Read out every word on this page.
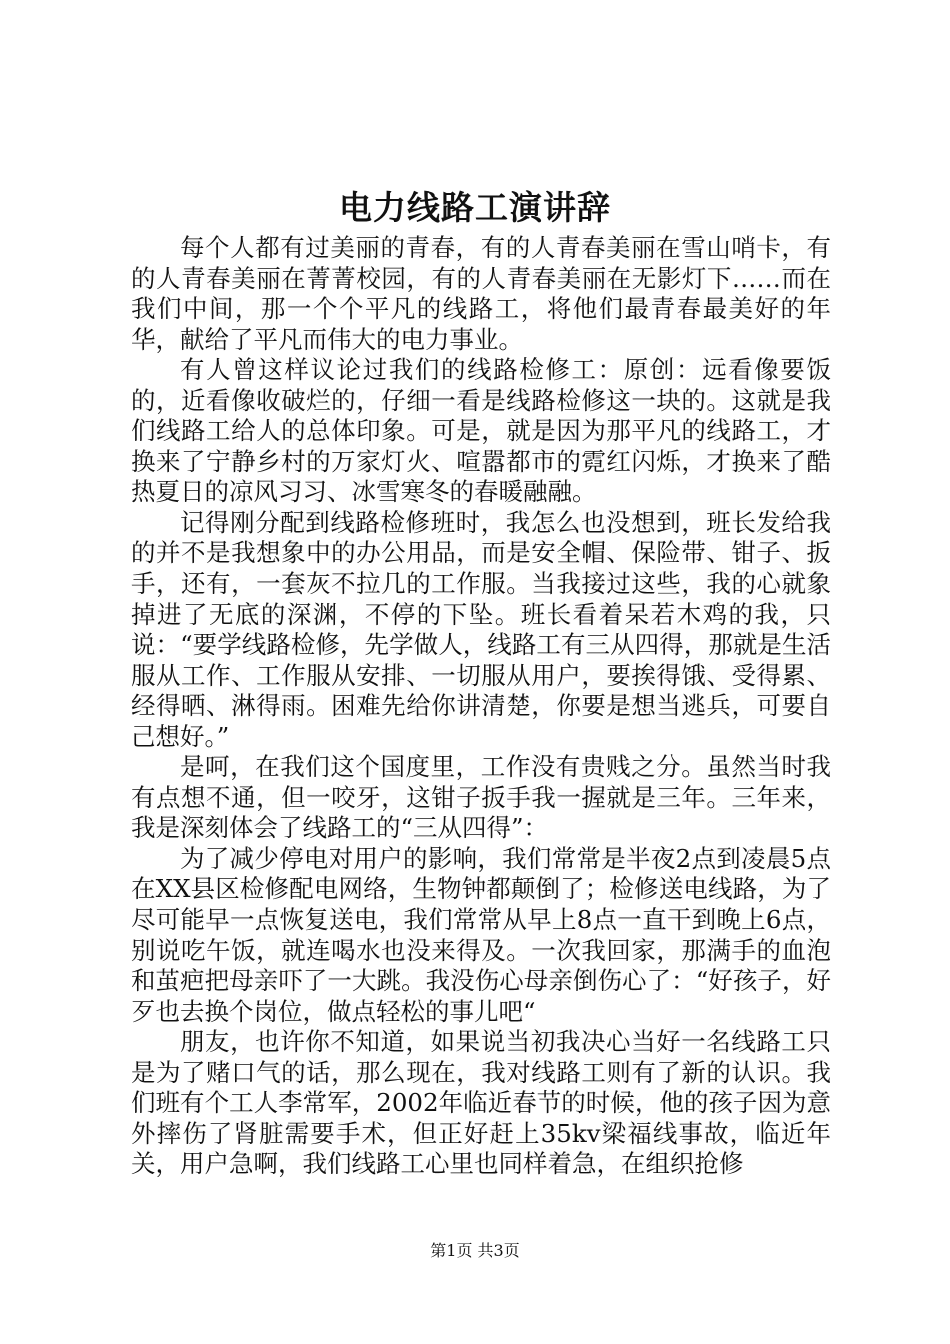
电力线路工演讲辞

每个人都有过美丽的青春，有的人青春美丽在雪山哨卡，有的人青春美丽在菁菁校园，有的人青春美丽在无影灯下……而在我们中间，那一个个平凡的线路工，将他们最青春最美好的年华，献给了平凡而伟大的电力事业。

有人曾这样议论过我们的线路检修工：原创：远看像要饭的，近看像收破烂的，仔细一看是线路检修这一块的。这就是我们线路工给人的总体印象。可是，就是因为那平凡的线路工，才换来了宁静乡村的万家灯火、喧嚣都市的霓红闪烁，才换来了酷热夏日的凉风习习、冰雪寒冬的春暖融融。

记得刚分配到线路检修班时，我怎么也没想到，班长发给我的并不是我想象中的办公用品，而是安全帽、保险带、钳子、扳手，还有，一套灰不拉几的工作服。当我接过这些，我的心就象掉进了无底的深渊，不停的下坠。班长看着呆若木鸡的我，只说：“要学线路检修，先学做人，线路工有三从四得，那就是生活服从工作、工作服从安排、一切服从用户，要挨得饿、受得累、经得晒、淋得雨。困难先给你讲清楚，你要是想当逃兵，可要自己想好。”

是呵，在我们这个国度里，工作没有贵贱之分。虽然当时我有点想不通，但一咬牙，这钳子扳手我一握就是三年。三年来，我是深刻体会了线路工的“三从四得”：

为了减少停电对用户的影响，我们常常是半夜2点到凌晨5点在XX县区检修配电网络，生物钟都颠倒了；检修送电线路，为了尽可能早一点恢复送电，我们常常从早上8点一直干到晚上6点，别说吃午饭，就连喝水也没来得及。一次我回家，那满手的血泡和茧疤把母亲吓了一大跳。我没伤心母亲倒伤心了：“好孩子，好歹也去换个岗位，做点轻松的事儿吧“

朋友，也许你不知道，如果说当初我决心当好一名线路工只是为了赌口气的话，那么现在，我对线路工则有了新的认识。我们班有个工人李常军，2002年临近春节的时候，他的孩子因为意外摔伤了肾脏需要手术，但正好赶上35kv梁福线事故，临近年关，用户急啊，我们线路工心里也同样着急，在组织抢修

第1页 共3页
